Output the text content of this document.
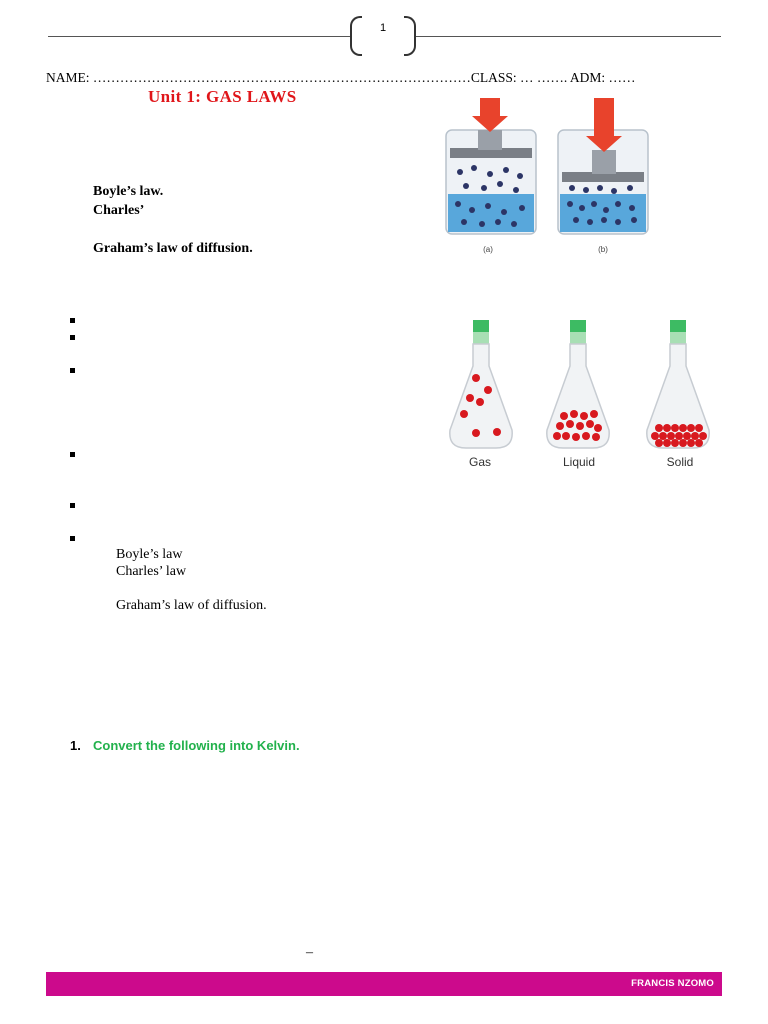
1
NAME: …………………………………………………………………………CLASS: … ……. ADM: ……
Unit 1: GAS LAWS
Boyle’s law.
Charles’
Graham’s law of diffusion.	(a)	(b)
Gas	Liquid	Solid
Boyle’s law
Charles’ law
Graham’s law of diffusion.
1. Convert the following into Kelvin.
–
FRANCIS NZOMO
